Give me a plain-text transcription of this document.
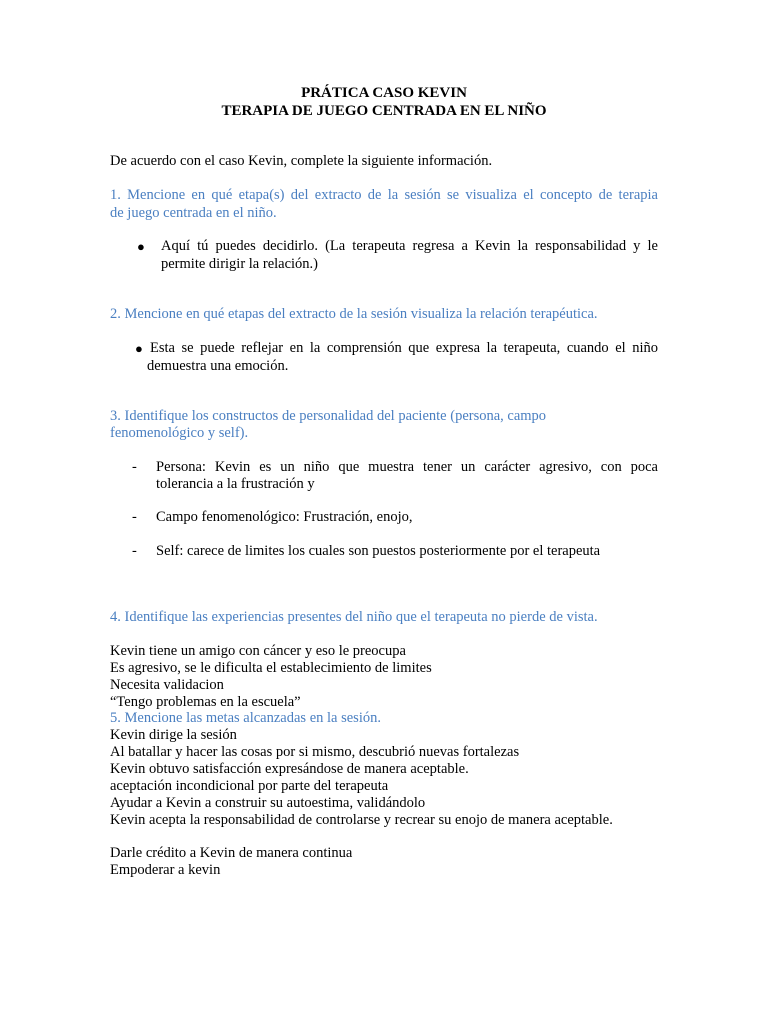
PRÁTICA CASO KEVIN
TERAPIA DE JUEGO CENTRADA EN EL NIÑO
De acuerdo con el caso Kevin, complete la siguiente información.
1. Mencione en qué etapa(s) del extracto de la sesión se visualiza el concepto de terapia
de juego centrada en el niño.
● Aquí tú puedes decidirlo. (La terapeuta regresa a Kevin la responsabilidad y le
permite dirigir la relación.)
2. Mencione en qué etapas del extracto de la sesión visualiza la relación terapéutica.
● Esta se puede reflejar en la comprensión que expresa la terapeuta, cuando el niño
demuestra una emoción.
3. Identifique los constructos de personalidad del paciente (persona, campo
fenomenológico y self).
- Persona: Kevin es un niño que muestra tener un carácter agresivo, con poca
tolerancia a la frustración y
- Campo fenomenológico: Frustración, enojo,
- Self: carece de limites los cuales son puestos posteriormente por el terapeuta
4. Identifique las experiencias presentes del niño que el terapeuta no pierde de vista.
Kevin tiene un amigo con cáncer y eso le preocupa
Es agresivo, se le dificulta el establecimiento de limites
Necesita validacion
“Tengo problemas en la escuela”
5. Mencione las metas alcanzadas en la sesión.
Kevin dirige la sesión
Al batallar y hacer las cosas por si mismo, descubrió nuevas fortalezas
Kevin obtuvo satisfacción expresándose de manera aceptable.
aceptación incondicional por parte del terapeuta
Ayudar a Kevin a construir su autoestima, validándolo
Kevin acepta la responsabilidad de controlarse y recrear su enojo de manera aceptable.
Darle crédito a Kevin de manera continua
Empoderar a kevin
